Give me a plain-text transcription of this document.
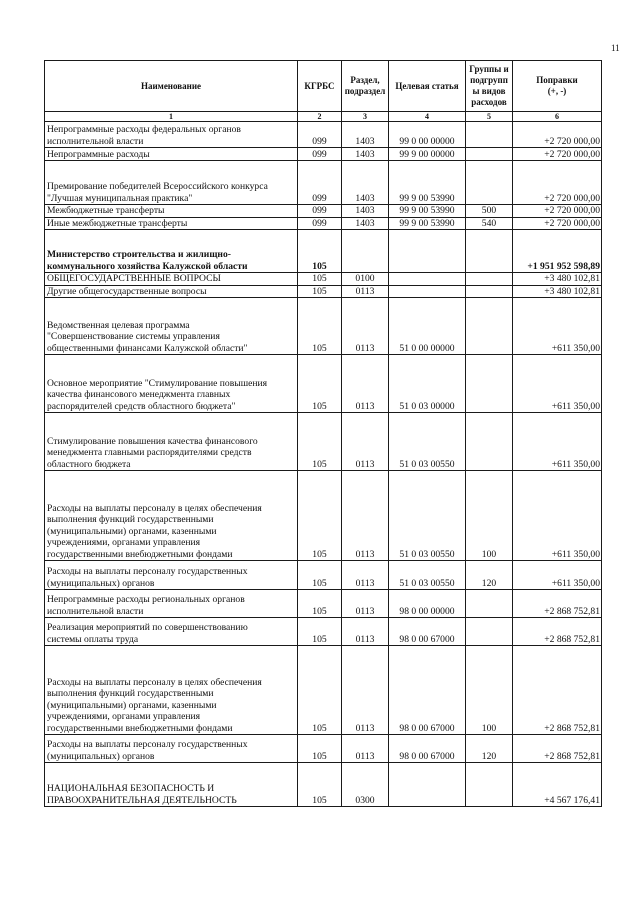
11
Наименование	КГРБС	Раздел, подраздел	Целевая статья	Группы и подгрупп ы видов расходов	Поправки
(+, -)
1	2	3	4	5	6
Непрограммные расходы федеральных органов
исполнительной власти	099	1403	99 0 00 00000		+2 720 000,00
Непрограммные расходы	099	1403	99 9 00 00000		+2 720 000,00
Премирование победителей Всероссийского конкурса
"Лучшая муниципальная практика"	099	1403	99 9 00 53990		+2 720 000,00
Межбюджетные трансферты	099	1403	99 9 00 53990	500	+2 720 000,00
Иные межбюджетные трансферты	099	1403	99 9 00 53990	540	+2 720 000,00
Министерство строительства и жилищно-
коммунального хозяйства Калужской области	105				+1 951 952 598,89
ОБЩЕГОСУДАРСТВЕННЫЕ ВОПРОСЫ	105	0100			+3 480 102,81
Другие общегосударственные вопросы	105	0113			+3 480 102,81
Ведомственная целевая программа
"Совершенствование системы управления
общественными финансами Калужской области"	105	0113	51 0 00 00000		+611 350,00
Основное мероприятие "Стимулирование повышения
качества финансового менеджмента главных
распорядителей средств областного бюджета"	105	0113	51 0 03 00000		+611 350,00
Стимулирование повышения качества финансового
менеджмента главными распорядителями средств
областного бюджета	105	0113	51 0 03 00550		+611 350,00
Расходы на выплаты персоналу в целях обеспечения
выполнения функций государственными
(муниципальными) органами, казенными
учреждениями, органами управления
государственными внебюджетными фондами	105	0113	51 0 03 00550	100	+611 350,00
Расходы на выплаты персоналу государственных
(муниципальных) органов	105	0113	51 0 03 00550	120	+611 350,00
Непрограммные расходы региональных органов
исполнительной власти	105	0113	98 0 00 00000		+2 868 752,81
Реализация мероприятий по совершенствованию
системы оплаты труда	105	0113	98 0 00 67000		+2 868 752,81
Расходы на выплаты персоналу в целях обеспечения
выполнения функций государственными
(муниципальными) органами, казенными
учреждениями, органами управления
государственными внебюджетными фондами	105	0113	98 0 00 67000	100	+2 868 752,81
Расходы на выплаты персоналу государственных
(муниципальных) органов	105	0113	98 0 00 67000	120	+2 868 752,81
НАЦИОНАЛЬНАЯ БЕЗОПАСНОСТЬ И
ПРАВООХРАНИТЕЛЬНАЯ ДЕЯТЕЛЬНОСТЬ	105	0300			+4 567 176,41
